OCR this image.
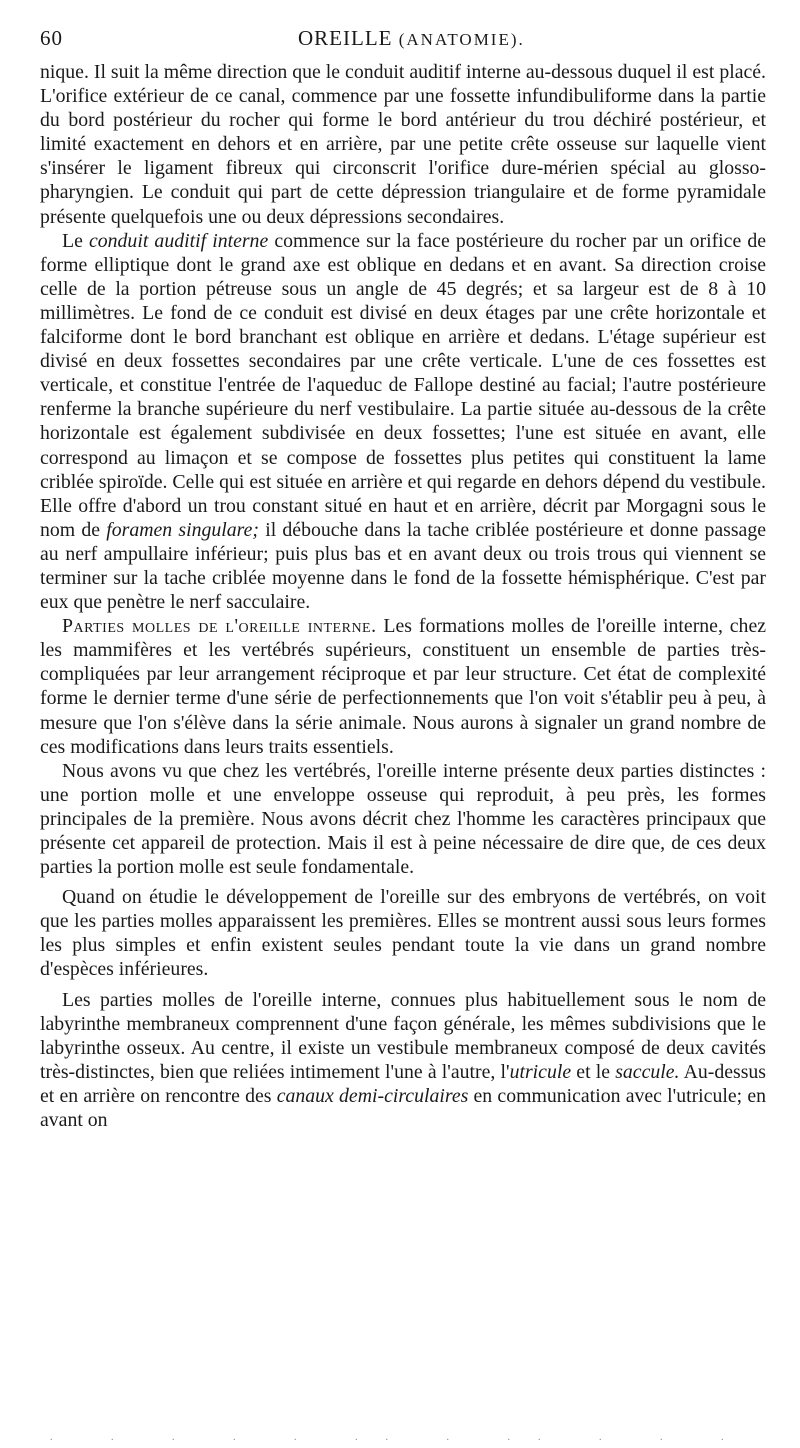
60	OREILLE (ANATOMIE).

nique. Il suit la même direction que le conduit auditif interne au-dessous duquel il est placé. L'orifice extérieur de ce canal, commence par une fossette infundibuliforme dans la partie du bord postérieur du rocher qui forme le bord antérieur du trou déchiré postérieur, et limité exactement en dehors et en arrière, par une petite crête osseuse sur laquelle vient s'insérer le ligament fibreux qui circonscrit l'orifice dure-mérien spécial au glosso-pharyngien. Le conduit qui part de cette dépression triangulaire et de forme pyramidale présente quelquefois une ou deux dépressions secondaires.

Le conduit auditif interne commence sur la face postérieure du rocher par un orifice de forme elliptique dont le grand axe est oblique en dedans et en avant. Sa direction croise celle de la portion pétreuse sous un angle de 45 degrés; et sa largeur est de 8 à 10 millimètres. Le fond de ce conduit est divisé en deux étages par une crête horizontale et falciforme dont le bord branchant est oblique en arrière et dedans. L'étage supérieur est divisé en deux fossettes secondaires par une crête verticale. L'une de ces fossettes est verticale, et constitue l'entrée de l'aqueduc de Fallope destiné au facial; l'autre postérieure renferme la branche supérieure du nerf vestibulaire. La partie située au-dessous de la crête horizontale est également subdivisée en deux fossettes; l'une est située en avant, elle correspond au limaçon et se compose de fossettes plus petites qui constituent la lame criblée spiroïde. Celle qui est située en arrière et qui regarde en dehors dépend du vestibule. Elle offre d'abord un trou constant situé en haut et en arrière, décrit par Morgagni sous le nom de foramen singulare; il débouche dans la tache criblée postérieure et donne passage au nerf ampullaire inférieur; puis plus bas et en avant deux ou trois trous qui viennent se terminer sur la tache criblée moyenne dans le fond de la fossette hémisphérique. C'est par eux que penètre le nerf sacculaire.

Parties molles de l'oreille interne. Les formations molles de l'oreille interne, chez les mammifères et les vertébrés supérieurs, constituent un ensemble de parties très-compliquées par leur arrangement réciproque et par leur structure. Cet état de complexité forme le dernier terme d'une série de perfectionnements que l'on voit s'établir peu à peu, à mesure que l'on s'élève dans la série animale. Nous aurons à signaler un grand nombre de ces modifications dans leurs traits essentiels.

Nous avons vu que chez les vertébrés, l'oreille interne présente deux parties distinctes : une portion molle et une enveloppe osseuse qui reproduit, à peu près, les formes principales de la première. Nous avons décrit chez l'homme les caractères principaux que présente cet appareil de protection. Mais il est à peine nécessaire de dire que, de ces deux parties la portion molle est seule fondamentale.

Quand on étudie le développement de l'oreille sur des embryons de vertébrés, on voit que les parties molles apparaissent les premières. Elles se montrent aussi sous leurs formes les plus simples et enfin existent seules pendant toute la vie dans un grand nombre d'espèces inférieures.

Les parties molles de l'oreille interne, connues plus habituellement sous le nom de labyrinthe membraneux comprennent d'une façon générale, les mêmes subdivisions que le labyrinthe osseux. Au centre, il existe un vestibule membraneux composé de deux cavités très-distinctes, bien que reliées intimement l'une à l'autre, l'utricule et le saccule. Au-dessus et en arrière on rencontre des canaux demi-circulaires en communication avec l'utricule; en avant on

. . . . . .. . .. . . .
